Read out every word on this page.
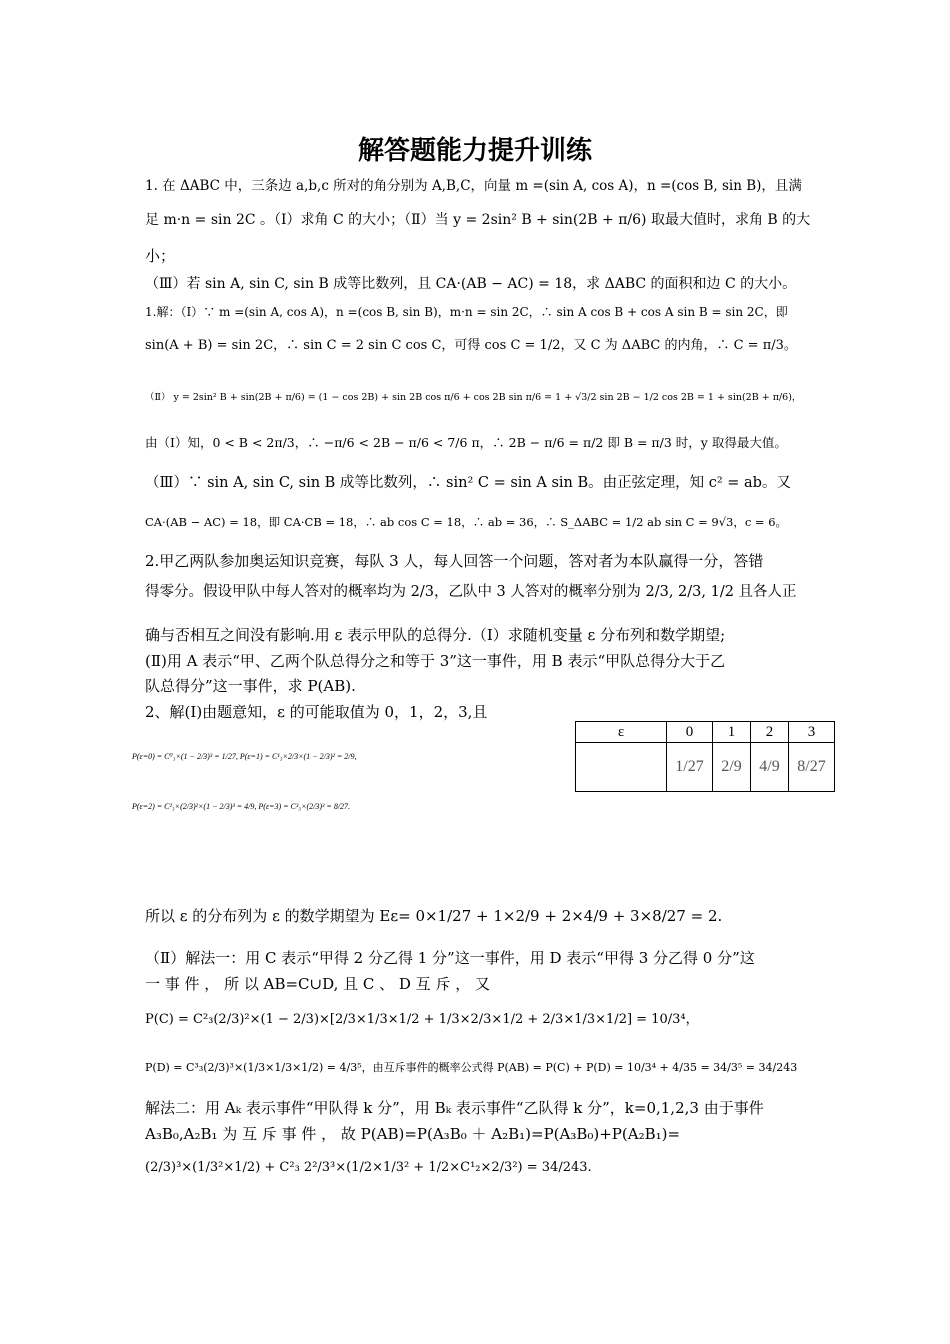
解答题能力提升训练
1. 在 ΔABC 中，三条边 a,b,c 所对的角分别为 A,B,C，向量 m =(sin A, cos A)，n =(cos B, sin B)，且满
足 m·n = sin 2C 。（Ⅰ）求角 C 的大小；（Ⅱ）当 y = 2sin² B + sin(2B + π/6) 取最大值时，求角 B 的大
小；
（Ⅲ）若 sin A, sin C, sin B 成等比数列，且 CA·(AB − AC) = 18，求 ΔABC 的面积和边 C 的大小。
1.解：（Ⅰ）∵ m =(sin A, cos A)，n =(cos B, sin B)，m·n = sin 2C，∴ sin A cos B + cos A sin B = sin 2C，即
sin(A + B) = sin 2C，∴ sin C = 2 sin C cos C，可得 cos C = 1/2，又 C 为 ΔABC 的内角，∴ C = π/3。
（Ⅱ） y = 2sin² B + sin(2B + π/6) = (1 − cos 2B) + sin 2B cos π/6 + cos 2B sin π/6 = 1 + √3/2 sin 2B − 1/2 cos 2B = 1 + sin(2B + π/6)，
由（Ⅰ）知，0 < B < 2π/3，∴ −π/6 < 2B − π/6 < 7/6 π，∴ 2B − π/6 = π/2 即 B = π/3 时，y 取得最大值。
（Ⅲ）∵ sin A, sin C, sin B 成等比数列，∴ sin² C = sin A sin B。由正弦定理，知 c² = ab。又
CA·(AB − AC) = 18，即 CA·CB = 18，∴ ab cos C = 18，∴ ab = 36，∴ S_ΔABC = 1/2 ab sin C = 9√3，c = 6。
2.甲乙两队参加奥运知识竞赛，每队 3 人，每人回答一个问题，答对者为本队赢得一分，答错
得零分。假设甲队中每人答对的概率均为 2/3，乙队中 3 人答对的概率分别为 2/3, 2/3, 1/2 且各人正
确与否相互之间没有影响.用 ε 表示甲队的总得分.（Ⅰ）求随机变量 ε 分布列和数学期望;
(Ⅱ)用 A 表示“甲、乙两个队总得分之和等于 3”这一事件，用 B 表示“甲队总得分大于乙
队总得分”这一事件，求 P(AB).
2、解(Ⅰ)由题意知，ε 的可能取值为 0，1，2，3,且
P(ε=0) = C⁰₃×(1 − 2/3)³ = 1/27, P(ε=1) = C¹₃×2/3×(1 − 2/3)² = 2/9,
P(ε=2) = C²₃×(2/3)²×(1 − 2/3)³ = 4/9, P(ε=3) = C³₃×(2/3)³ = 8/27.
ε	0	1	2	3
	1/27	2/9	4/9	8/27
所以 ε 的分布列为 ε 的数学期望为 Eε= 0×1/27 + 1×2/9 + 2×4/9 + 3×8/27 = 2.
（Ⅱ）解法一：用 C 表示“甲得 2 分乙得 1 分”这一事件，用 D 表示“甲得 3 分乙得 0 分”这
一 事 件 ， 所 以 AB=C∪D, 且 C 、 D 互 斥 ， 又
P(C) = C²₃(2/3)²×(1 − 2/3)×[2/3×1/3×1/2 + 1/3×2/3×1/2 + 2/3×1/3×1/2] = 10/3⁴，
P(D) = C³₃(2/3)³×(1/3×1/3×1/2) = 4/3⁵，由互斥事件的概率公式得 P(AB) = P(C) + P(D) = 10/3⁴ + 4/35 = 34/3⁵ = 34/243
解法二：用 Aₖ 表示事件“甲队得 k 分”，用 Bₖ 表示事件“乙队得 k 分”，k=0,1,2,3 由于事件
A₃B₀,A₂B₁ 为 互 斥 事 件 ， 故 P(AB)=P(A₃B₀ ＋ A₂B₁)=P(A₃B₀)+P(A₂B₁)=
(2/3)³×(1/3²×1/2) + C²₃ 2²/3³×(1/2×1/3² + 1/2×C¹₂×2/3²) = 34/243.
